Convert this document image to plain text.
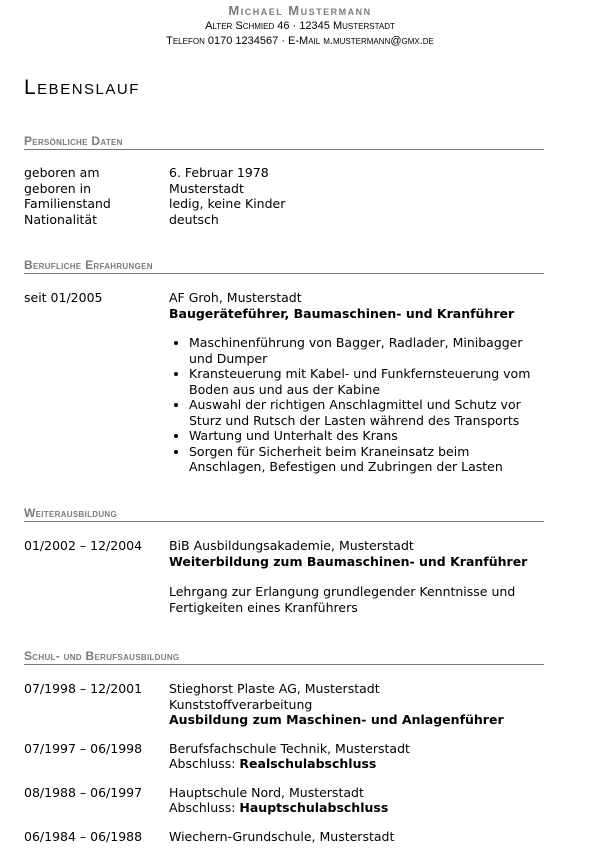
Michael Mustermann
Alter Schmied 46 · 12345 Musterstadt
Telefon 0170 1234567 · E-Mail m.mustermann@gmx.de
Lebenslauf
Persönliche Daten
geboren am	6. Februar 1978
geboren in	Musterstadt
Familienstand	ledig, keine Kinder
Nationalität	deutsch
Berufliche Erfahrungen
seit 01/2005	AF Groh, Musterstadt
Baugeräteführer, Baumaschinen- und Kranführer
• Maschinenführung von Bagger, Radlader, Minibagger und Dumper
• Kransteuerung mit Kabel- und Funkfernsteuerung vom Boden aus und aus der Kabine
• Auswahl der richtigen Anschlagmittel und Schutz vor Sturz und Rutsch der Lasten während des Transports
• Wartung und Unterhalt des Krans
• Sorgen für Sicherheit beim Kraneinsatz beim Anschlagen, Befestigen und Zubringen der Lasten
Weiterausbildung
01/2002 – 12/2004	BiB Ausbildungsakademie, Musterstadt
Weiterbildung zum Baumaschinen- und Kranführer
Lehrgang zur Erlangung grundlegender Kenntnisse und Fertigkeiten eines Kranführers
Schul- und Berufsausbildung
07/1998 – 12/2001	Stieghorst Plaste AG, Musterstadt
Kunststoffverarbeitung
Ausbildung zum Maschinen- und Anlagenführer
07/1997 – 06/1998	Berufsfachschule Technik, Musterstadt
Abschluss: Realschulabschluss
08/1988 – 06/1997	Hauptschule Nord, Musterstadt
Abschluss: Hauptschulabschluss
06/1984 – 06/1988	Wiechern-Grundschule, Musterstadt
